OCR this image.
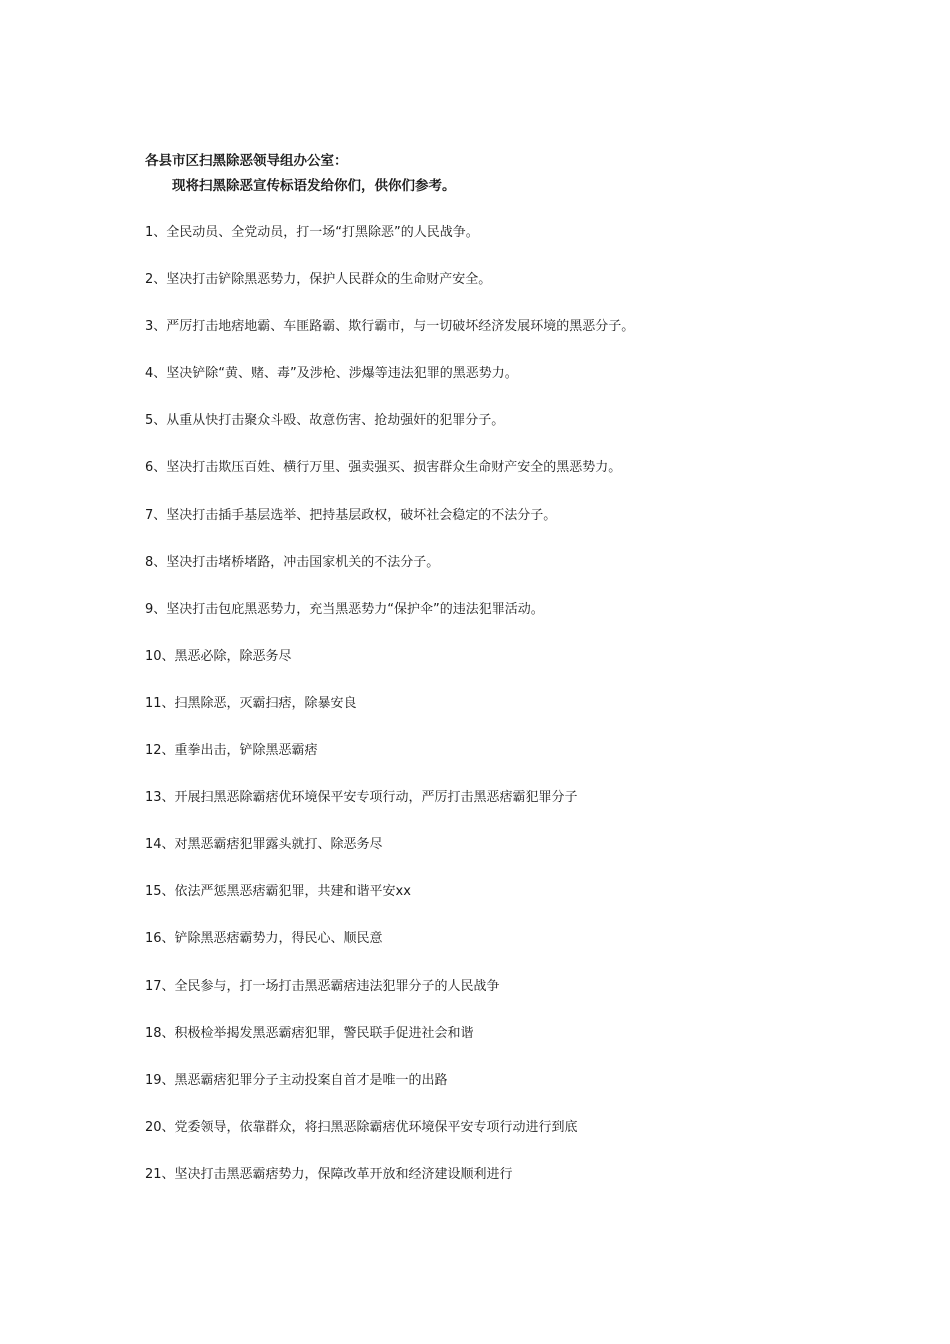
各县市区扫黑除恶领导组办公室：
现将扫黑除恶宣传标语发给你们，供你们参考。
1、全民动员、全党动员，打一场“打黑除恶”的人民战争。
2、坚决打击铲除黑恶势力，保护人民群众的生命财产安全。
3、严厉打击地痞地霸、车匪路霸、欺行霸市，与一切破坏经济发展环境的黑恶分子。
4、坚决铲除“黄、赌、毒”及涉枪、涉爆等违法犯罪的黑恶势力。
5、从重从快打击聚众斗殴、故意伤害、抢劫强奸的犯罪分子。
6、坚决打击欺压百姓、横行万里、强卖强买、损害群众生命财产安全的黑恶势力。
7、坚决打击插手基层选举、把持基层政权，破坏社会稳定的不法分子。
8、坚决打击堵桥堵路，冲击国家机关的不法分子。
9、坚决打击包庇黑恶势力，充当黑恶势力“保护伞”的违法犯罪活动。
10、黑恶必除，除恶务尽
11、扫黑除恶，灭霸扫痞，除暴安良
12、重拳出击，铲除黑恶霸痞
13、开展扫黑恶除霸痞优环境保平安专项行动，严厉打击黑恶痞霸犯罪分子
14、对黑恶霸痞犯罪露头就打、除恶务尽
15、依法严惩黑恶痞霸犯罪，共建和谐平安xx
16、铲除黑恶痞霸势力，得民心、顺民意
17、全民参与，打一场打击黑恶霸痞违法犯罪分子的人民战争
18、积极检举揭发黑恶霸痞犯罪，警民联手促进社会和谐
19、黑恶霸痞犯罪分子主动投案自首才是唯一的出路
20、党委领导，依靠群众，将扫黑恶除霸痞优环境保平安专项行动进行到底
21、坚决打击黑恶霸痞势力，保障改革开放和经济建设顺利进行
